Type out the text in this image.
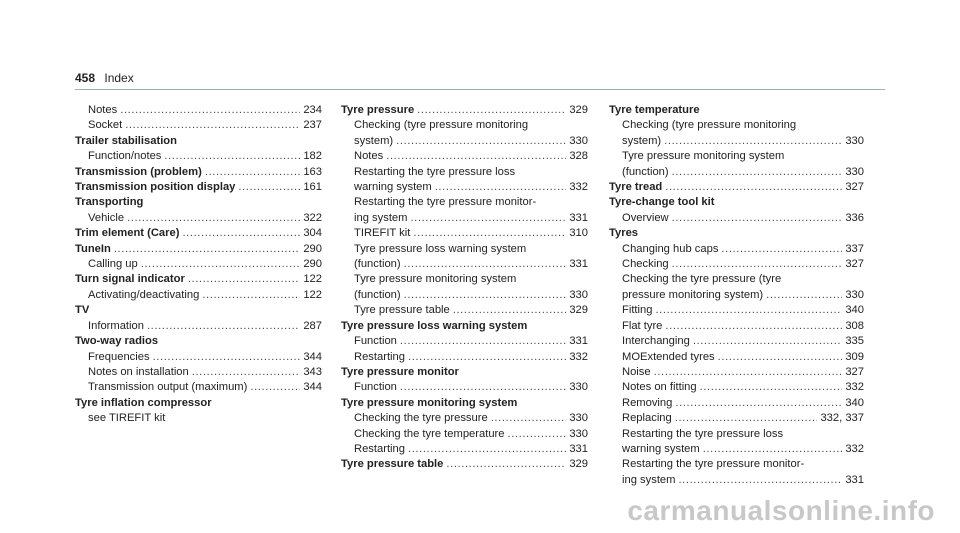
458 Index
Notes .....	234
Socket .....	237
Trailer stabilisation
Function/notes .....	182
Transmission (problem) .....	163
Transmission position display .....	161
Transporting
Vehicle .....	322
Trim element (Care) .....	304
TuneIn .....	290
Calling up .....	290
Turn signal indicator .....	122
Activating/deactivating .....	122
TV
Information .....	287
Two-way radios
Frequencies .....	344
Notes on installation .....	343
Transmission output (maximum) .....	344
Tyre inflation compressor
see TIREFIT kit
Tyre pressure .....	329
Checking (tyre pressure monitoring
system) .....	330
Notes .....	328
Restarting the tyre pressure loss
warning system .....	332
Restarting the tyre pressure monitor-
ing system .....	331
TIREFIT kit .....	310
Tyre pressure loss warning system
(function) .....	331
Tyre pressure monitoring system
(function) .....	330
Tyre pressure table .....	329
Tyre pressure loss warning system
Function .....	331
Restarting .....	332
Tyre pressure monitor
Function .....	330
Tyre pressure monitoring system
Checking the tyre pressure .....	330
Checking the tyre temperature .....	330
Restarting .....	331
Tyre pressure table .....	329
Tyre temperature
Checking (tyre pressure monitoring
system) .....	330
Tyre pressure monitoring system
(function) .....	330
Tyre tread .....	327
Tyre-change tool kit
Overview .....	336
Tyres
Changing hub caps .....	337
Checking .....	327
Checking the tyre pressure (tyre
pressure monitoring system) .....	330
Fitting .....	340
Flat tyre .....	308
Interchanging .....	335
MOExtended tyres .....	309
Noise .....	327
Notes on fitting .....	332
Removing .....	340
Replacing .....	332, 337
Restarting the tyre pressure loss
warning system .....	332
Restarting the tyre pressure monitor-
ing system .....	331
carmanualsonline.info
